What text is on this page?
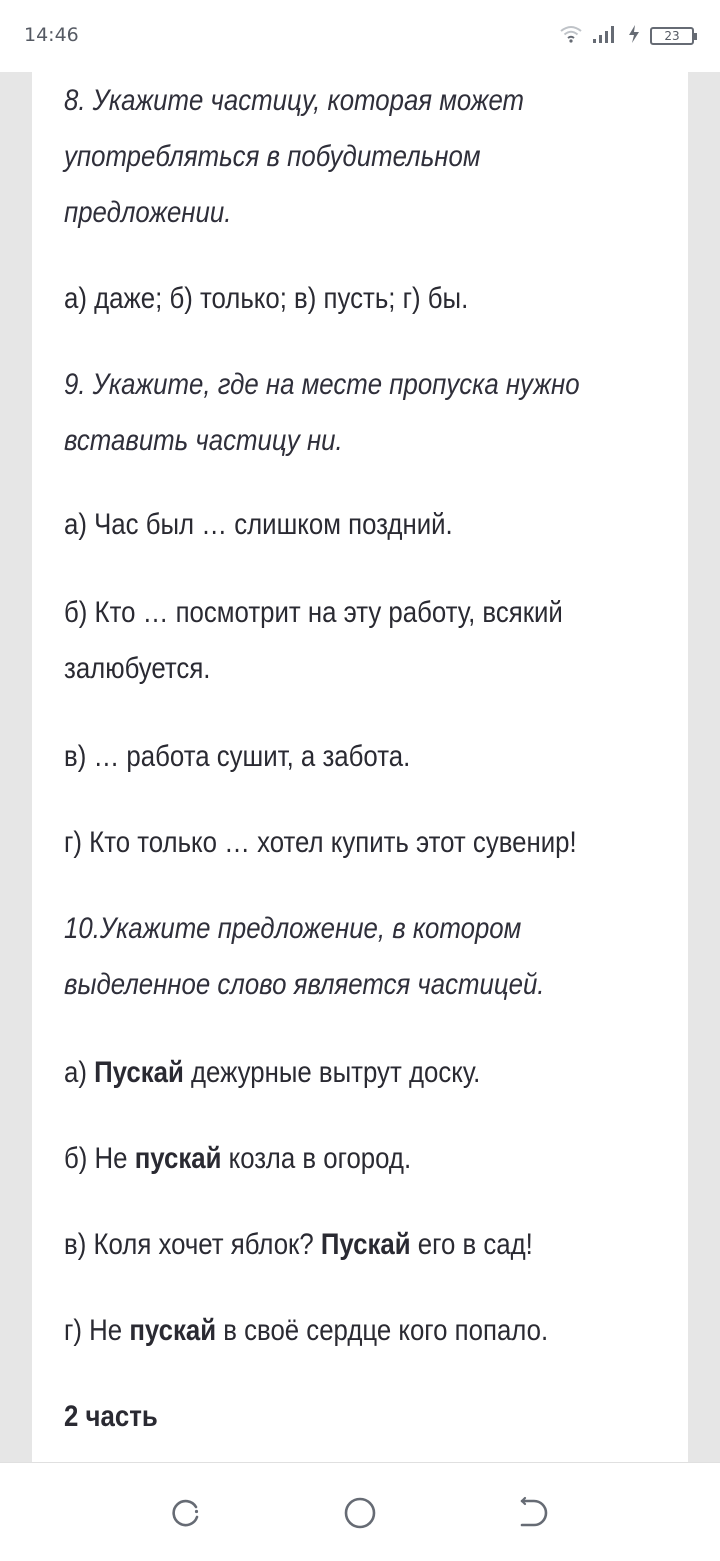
14:46	23
8. Укажите частицу, которая может
употребляться в побудительном
предложении.
а) даже; б) только; в) пусть; г) бы.
9. Укажите, где на месте пропуска нужно
вставить частицу ни.
а) Час был … слишком поздний.
б) Кто … посмотрит на эту работу, всякий
залюбуется.
в) … работа сушит, а забота.
г) Кто только … хотел купить этот сувенир!
10.Укажите предложение, в котором
выделенное слово является частицей.
а) Пускай дежурные вытрут доску.
б) Не пускай козла в огород.
в) Коля хочет яблок? Пускай его в сад!
г) Не пускай в своё сердце кого попало.
2 часть
